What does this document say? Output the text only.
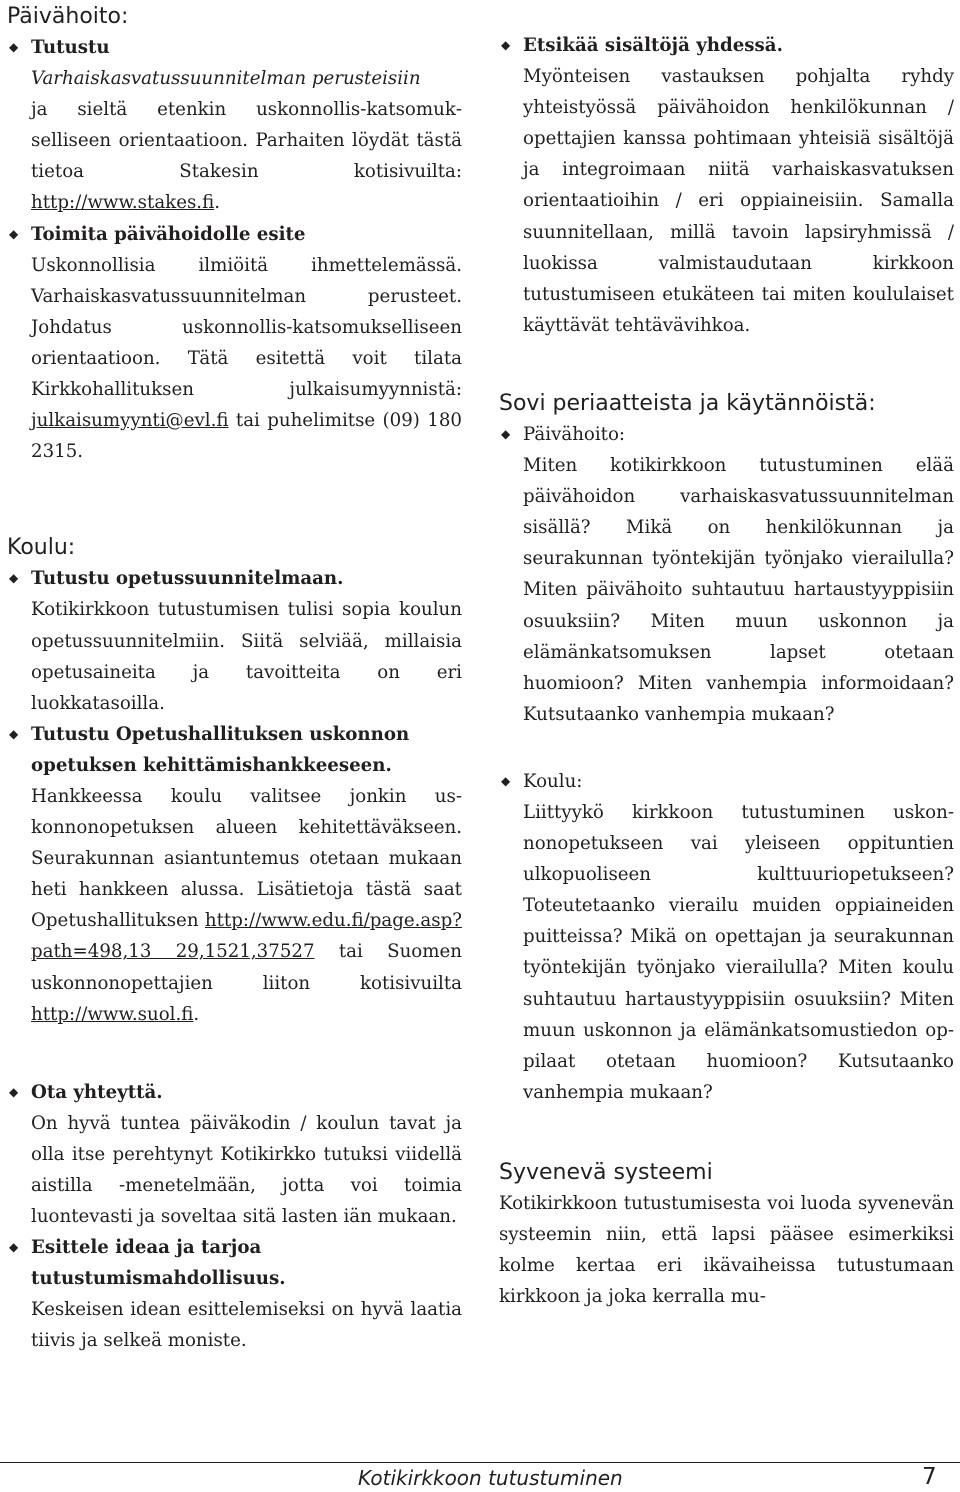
Päivähoito:
◆ Tutustu

Varhaiskasvatussuunnitelman perusteisiin

ja sieltä etenkin uskonnollis-katsomukselliseen orientaatioon. Parhaiten löydät tästä tietoa Stakesin kotisivuilta: http://www.stakes.fi.

◆ Toimita päivähoidolle esite

Uskonnollisia ilmiöitä ihmettelemässä. Varhaiskasvatussuunnitelman perusteet. Johdatus uskonnollis-katsomukselliseen orientaatioon. Tätä esitettä voit tilata Kirkkohallituksen julkaisumyynnistä: julkaisumyynti@evl.fi tai puhelimitse (09) 180 2315.

Koulu:
◆ Tutustu opetussuunnitelmaan.

Kotikirkkoon tutustumisen tulisi sopia koulun opetussuunnitelmiin. Siitä selviää, millaisia opetusaineita ja tavoitteita on eri luokkatasoilla.

◆ Tutustu Opetushallituksen uskonnon opetuksen kehittämishankkeeseen.

Hankkeessa koulu valitsee jonkin uskonnonopetuksen alueen kehitettäväkseen. Seurakunnan asiantuntemus otetaan mukaan heti hankkeen alussa. Lisätietoja tästä saat Opetushallituksen http://www.edu.fi/page.asp?path=498,13 29,1521,37527 tai Suomen uskonnonopettajien liiton kotisivuilta http://www.suol.fi.

◆ Ota yhteyttä.

On hyvä tuntea päiväkodin / koulun tavat ja olla itse perehtynyt Kotikirkko tutuksi viidellä aistilla -menetelmään, jotta voi toimia luontevasti ja soveltaa sitä lasten iän mukaan.

◆ Esittele ideaa ja tarjoa tutustumismahdollisuus.

Keskeisen idean esittelemiseksi on hyvä laatia tiivis ja selkeä moniste.

◆ Etsikää sisältöjä yhdessä.

Myönteisen vastauksen pohjalta ryhdy yhteistyössä päivähoidon henkilökunnan / opettajien kanssa pohtimaan yhteisiä sisältöjä ja integroimaan niitä varhaiskasvatuksen orientaatioihin / eri oppiaineisiin. Samalla suunnitellaan, millä tavoin lapsiryhmissä / luokissa valmistaudutaan kirkkoon tutustumiseen etukäteen tai miten koululaiset käyttävät tehtävävihkoa.

Sovi periaatteista ja käytännöistä:
◆ Päivähoito:

Miten kotikirkkoon tutustuminen elää päivähoidon varhaiskasvatussuunnitelman sisällä? Mikä on henkilökunnan ja seurakunnan työntekijän työnjako vierailulla? Miten päivähoito suhtautuu hartaustyyppisiin osuuksiin? Miten muun uskonnon ja elämänkatsomuksen lapset otetaan huomioon? Miten vanhempia informoidaan? Kutsutaanko vanhempia mukaan?

◆ Koulu:

Liittyykö kirkkoon tutustuminen uskonnonopetukseen vai yleiseen oppituntien ulkopuoliseen kulttuuriopetukseen? Toteutetaanko vierailu muiden oppiaineiden puitteissa? Mikä on opettajan ja seurakunnan työntekijän työnjako vierailulla? Miten koulu suhtautuu hartaustyyppisiin osuuksiin? Miten muun uskonnon ja elämänkatsomustiedon oppilaat otetaan huomioon? Kutsutaanko vanhempia mukaan?

Syvenevä systeemi

Kotikirkkoon tutustumisesta voi luoda syvenevän systeemin niin, että lapsi pääsee esimerkiksi kolme kertaa eri ikävaiheissa tutustumaan kirkkoon ja joka kerralla mu-

Kotikirkkoon tutustuminen	7
